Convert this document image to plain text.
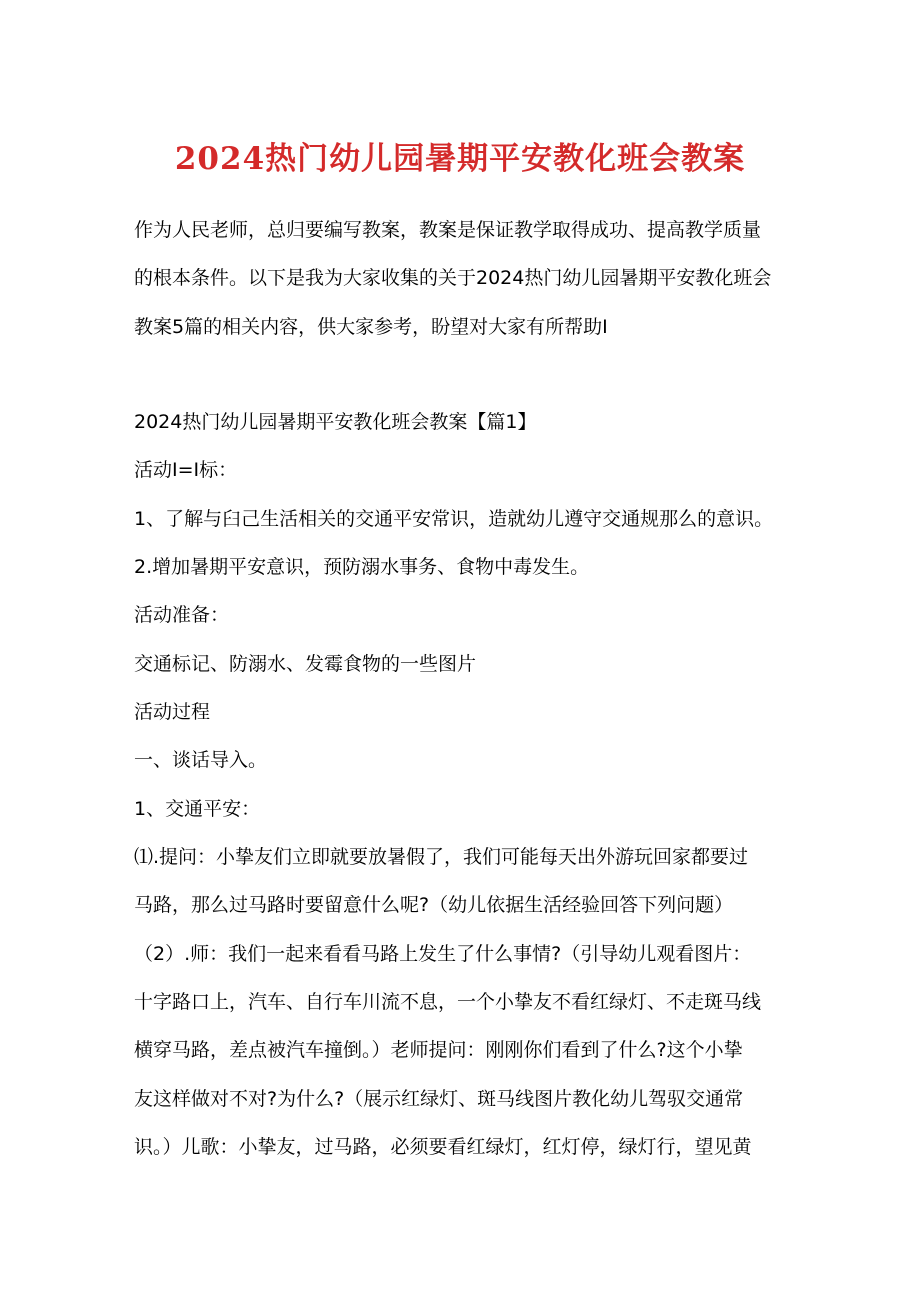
2024热门幼儿园暑期平安教化班会教案

作为人民老师，总归要编写教案，教案是保证教学取得成功、提高教学质量

的根本条件。以下是我为大家收集的关于2024热门幼儿园暑期平安教化班会

教案5篇的相关内容，供大家参考，盼望对大家有所帮助I

2024热门幼儿园暑期平安教化班会教案【篇1】

活动I=I标：

1、了解与臼己生活相关的交通平安常识，造就幼儿遵守交通规那么的意识。

2.增加暑期平安意识，预防溺水事务、食物中毒发生。

活动准备：

交通标记、防溺水、发霉食物的一些图片

活动过程

一、谈话导入。

1、交通平安：

⑴.提问：小挚友们立即就要放暑假了，我们可能每天出外游玩回家都要过

马路，那么过马路时要留意什么呢?（幼儿依据生活经验回答下列问题）

（2）.师：我们一起来看看马路上发生了什么事情?（引导幼儿观看图片：

十字路口上，汽车、自行车川流不息，一个小挚友不看红绿灯、不走斑马线

横穿马路，差点被汽车撞倒。）老师提问：刚刚你们看到了什么?这个小挚

友这样做对不对?为什么?（展示红绿灯、斑马线图片教化幼儿驾驭交通常

识。）儿歌：小挚友，过马路，必须要看红绿灯，红灯停，绿灯行，望见黄
